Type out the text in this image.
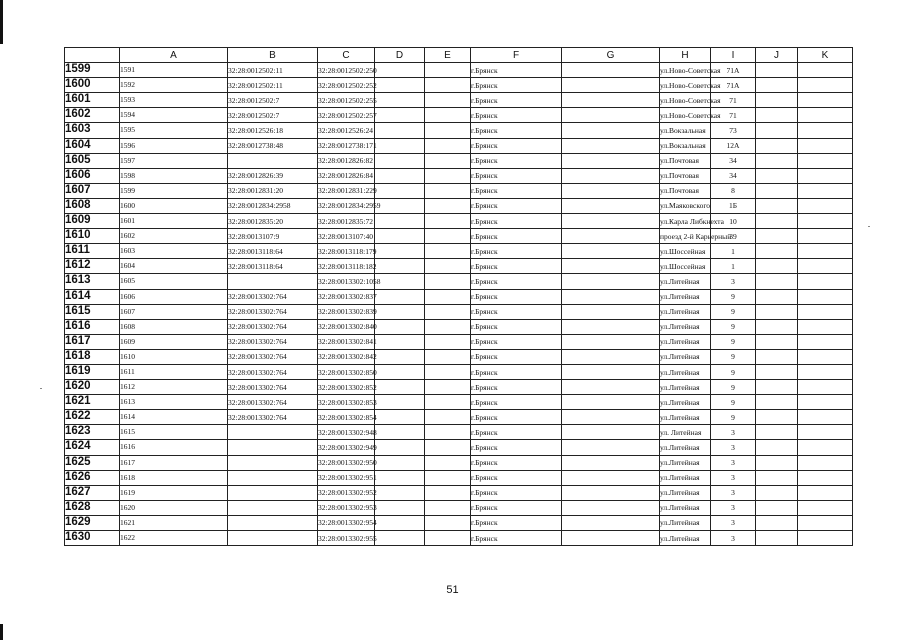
	A	B	C	D	E	F	G	H	I	J	K	
1599	1591	32:28:0012502:11	32:28:0012502:250			г.Брянск		ул.Ново-Советская	71А			
1600	1592	32:28:0012502:11	32:28:0012502:252			г.Брянск		ул.Ново-Советская	71А			
1601	1593	32:28:0012502:7	32:28:0012502:255			г.Брянск		ул.Ново-Советская	71			
1602	1594	32:28:0012502:7	32:28:0012502:257			г.Брянск		ул.Ново-Советская	71			
1603	1595	32:28:0012526:18	32:28:0012526:24			г.Брянск		ул.Вокзальная	73			
1604	1596	32:28:0012738:48	32:28:0012738:171			г.Брянск		ул.Вокзальная	12А			
1605	1597		32:28:0012826:82			г.Брянск		ул.Почтовая	34			
1606	1598	32:28:0012826:39	32:28:0012826:84			г.Брянск		ул.Почтовая	34			
1607	1599	32:28:0012831:20	32:28:0012831:229			г.Брянск		ул.Почтовая	8			
1608	1600	32:28:0012834:2958	32:28:0012834:2959			г.Брянск		ул.Маяковского	1Б			
1609	1601	32:28:0012835:20	32:28:0012835:72			г.Брянск		ул.Карла Либкнехта	10			
1610	1602	32:28:0013107:9	32:28:0013107:40			г.Брянск		проезд 2-й Карьерный	39			
1611	1603	32:28:0013118:64	32:28:0013118:179			г.Брянск		ул.Шоссейная	1			
1612	1604	32:28:0013118:64	32:28:0013118:182			г.Брянск		ул.Шоссейная	1			
1613	1605		32:28:0013302:1058			г.Брянск		ул.Литейная	3			
1614	1606	32:28:0013302:764	32:28:0013302:837			г.Брянск		ул.Литейная	9			
1615	1607	32:28:0013302:764	32:28:0013302:839			г.Брянск		ул.Литейная	9			
1616	1608	32:28:0013302:764	32:28:0013302:840			г.Брянск		ул.Литейная	9			
1617	1609	32:28:0013302:764	32:28:0013302:841			г.Брянск		ул.Литейная	9			
1618	1610	32:28:0013302:764	32:28:0013302:842			г.Брянск		ул.Литейная	9			
1619	1611	32:28:0013302:764	32:28:0013302:850			г.Брянск		ул.Литейная	9			
1620	1612	32:28:0013302:764	32:28:0013302:852			г.Брянск		ул.Литейная	9			
1621	1613	32:28:0013302:764	32:28:0013302:853			г.Брянск		ул.Литейная	9			
1622	1614	32:28:0013302:764	32:28:0013302:854			г.Брянск		ул.Литейная	9			
1623	1615		32:28:0013302:948			г.Брянск		ул. Литейная	3			
1624	1616		32:28:0013302:949			г.Брянск		ул.Литейная	3			
1625	1617		32:28:0013302:950			г.Брянск		ул.Литейная	3			
1626	1618		32:28:0013302:951			г.Брянск		ул.Литейная	3			
1627	1619		32:28:0013302:952			г.Брянск		ул.Литейная	3			
1628	1620		32:28:0013302:953			г.Брянск		ул.Литейная	3			
1629	1621		32:28:0013302:954			г.Брянск		ул.Литейная	3			
1630	1622		32:28:0013302:955			г.Брянск		ул.Литейная	3			
51
